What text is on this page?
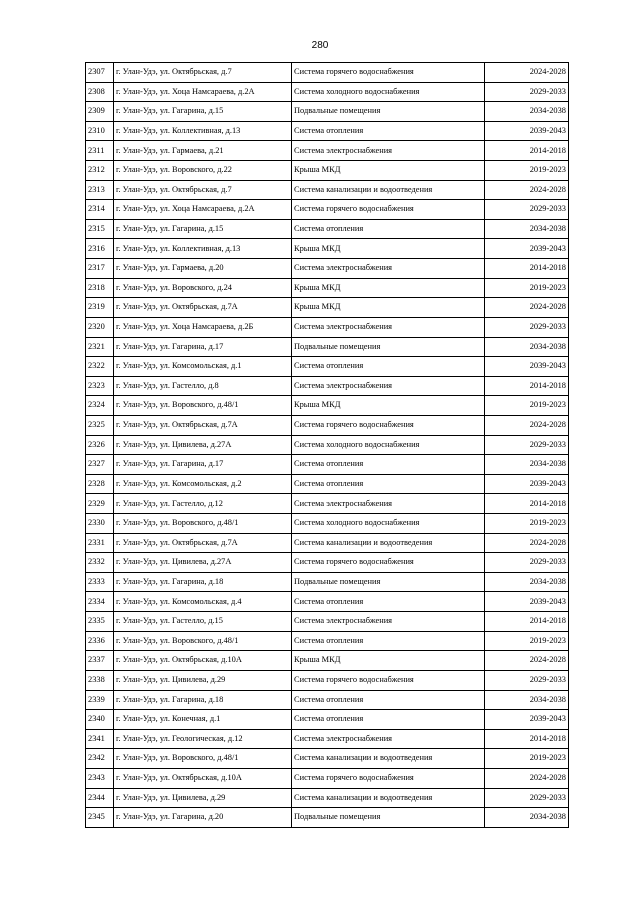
280
2307	г. Улан-Удэ, ул. Октябрьская, д.7	Система горячего водоснабжения	2024-2028
2308	г. Улан-Удэ, ул. Хоца Намсараева, д.2А	Система холодного водоснабжения	2029-2033
2309	г. Улан-Удэ, ул. Гагарина, д.15	Подвальные помещения	2034-2038
2310	г. Улан-Удэ, ул. Коллективная, д.13	Система отопления	2039-2043
2311	г. Улан-Удэ, ул. Гармаева, д.21	Система электроснабжения	2014-2018
2312	г. Улан-Удэ, ул. Воровского, д.22	Крыша МКД	2019-2023
2313	г. Улан-Удэ, ул. Октябрьская, д.7	Система канализации и водоотведения	2024-2028
2314	г. Улан-Удэ, ул. Хоца Намсараева, д.2А	Система горячего водоснабжения	2029-2033
2315	г. Улан-Удэ, ул. Гагарина, д.15	Система отопления	2034-2038
2316	г. Улан-Удэ, ул. Коллективная, д.13	Крыша МКД	2039-2043
2317	г. Улан-Удэ, ул. Гармаева, д.20	Система электроснабжения	2014-2018
2318	г. Улан-Удэ, ул. Воровского, д.24	Крыша МКД	2019-2023
2319	г. Улан-Удэ, ул. Октябрьская, д.7А	Крыша МКД	2024-2028
2320	г. Улан-Удэ, ул. Хоца Намсараева, д.2Б	Система электроснабжения	2029-2033
2321	г. Улан-Удэ, ул. Гагарина, д.17	Подвальные помещения	2034-2038
2322	г. Улан-Удэ, ул. Комсомольская, д.1	Система отопления	2039-2043
2323	г. Улан-Удэ, ул. Гастелло, д.8	Система электроснабжения	2014-2018
2324	г. Улан-Удэ, ул. Воровского, д.48/1	Крыша МКД	2019-2023
2325	г. Улан-Удэ, ул. Октябрьская, д.7А	Система горячего водоснабжения	2024-2028
2326	г. Улан-Удэ, ул. Цивилева, д.27А	Система холодного водоснабжения	2029-2033
2327	г. Улан-Удэ, ул. Гагарина, д.17	Система отопления	2034-2038
2328	г. Улан-Удэ, ул. Комсомольская, д.2	Система отопления	2039-2043
2329	г. Улан-Удэ, ул. Гастелло, д.12	Система электроснабжения	2014-2018
2330	г. Улан-Удэ, ул. Воровского, д.48/1	Система холодного водоснабжения	2019-2023
2331	г. Улан-Удэ, ул. Октябрьская, д.7А	Система канализации и водоотведения	2024-2028
2332	г. Улан-Удэ, ул. Цивилева, д.27А	Система горячего водоснабжения	2029-2033
2333	г. Улан-Удэ, ул. Гагарина, д.18	Подвальные помещения	2034-2038
2334	г. Улан-Удэ, ул. Комсомольская, д.4	Система отопления	2039-2043
2335	г. Улан-Удэ, ул. Гастелло, д.15	Система электроснабжения	2014-2018
2336	г. Улан-Удэ, ул. Воровского, д.48/1	Система отопления	2019-2023
2337	г. Улан-Удэ, ул. Октябрьская, д.10А	Крыша МКД	2024-2028
2338	г. Улан-Удэ, ул. Цивилева, д.29	Система горячего водоснабжения	2029-2033
2339	г. Улан-Удэ, ул. Гагарина, д.18	Система отопления	2034-2038
2340	г. Улан-Удэ, ул. Конечная, д.1	Система отопления	2039-2043
2341	г. Улан-Удэ, ул. Геологическая, д.12	Система электроснабжения	2014-2018
2342	г. Улан-Удэ, ул. Воровского, д.48/1	Система канализации и водоотведения	2019-2023
2343	г. Улан-Удэ, ул. Октябрьская, д.10А	Система горячего водоснабжения	2024-2028
2344	г. Улан-Удэ, ул. Цивилева, д.29	Система канализации и водоотведения	2029-2033
2345	г. Улан-Удэ, ул. Гагарина, д.20	Подвальные помещения	2034-2038
